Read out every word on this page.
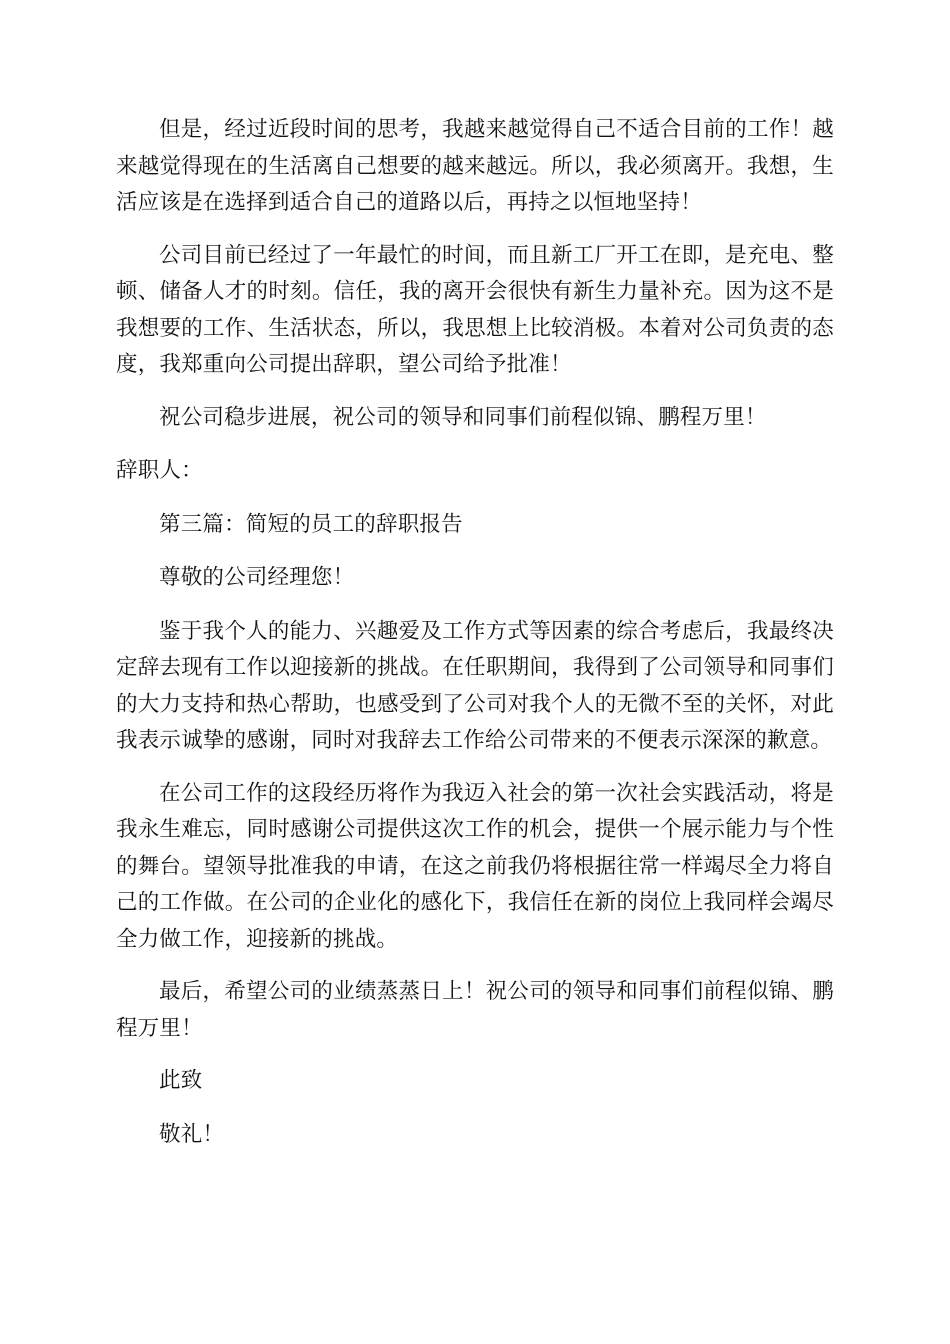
但是，经过近段时间的思考，我越来越觉得自己不适合目前的工作！越来越觉得现在的生活离自己想要的越来越远。所以，我必须离开。我想，生活应该是在选择到适合自己的道路以后，再持之以恒地坚持！

公司目前已经过了一年最忙的时间，而且新工厂开工在即，是充电、整顿、储备人才的时刻。信任，我的离开会很快有新生力量补充。因为这不是我想要的工作、生活状态，所以，我思想上比较消极。本着对公司负责的态度，我郑重向公司提出辞职，望公司给予批准！

祝公司稳步进展，祝公司的领导和同事们前程似锦、鹏程万里！

辞职人：

第三篇：简短的员工的辞职报告

尊敬的公司经理您！

鉴于我个人的能力、兴趣爱及工作方式等因素的综合考虑后，我最终决定辞去现有工作以迎接新的挑战。在任职期间，我得到了公司领导和同事们的大力支持和热心帮助，也感受到了公司对我个人的无微不至的关怀，对此我表示诚挚的感谢，同时对我辞去工作给公司带来的不便表示深深的歉意。

在公司工作的这段经历将作为我迈入社会的第一次社会实践活动，将是我永生难忘，同时感谢公司提供这次工作的机会，提供一个展示能力与个性的舞台。望领导批准我的申请，在这之前我仍将根据往常一样竭尽全力将自己的工作做。在公司的企业化的感化下，我信任在新的岗位上我同样会竭尽全力做工作，迎接新的挑战。

最后，希望公司的业绩蒸蒸日上！祝公司的领导和同事们前程似锦、鹏程万里！

此致

敬礼！
